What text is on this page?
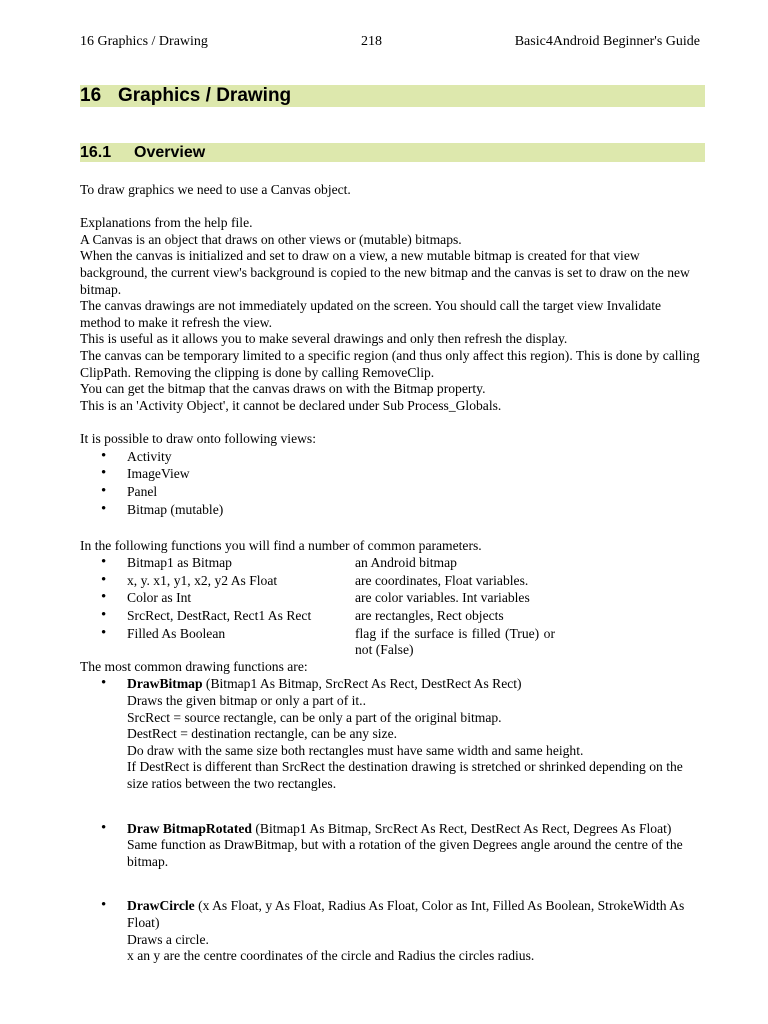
16 Graphics / Drawing	218	Basic4Android Beginner's Guide
16 Graphics / Drawing
16.1 Overview

To draw graphics we need to use a Canvas object.

Explanations from the help file.

A Canvas is an object that draws on other views or (mutable) bitmaps.

When the canvas is initialized and set to draw on a view, a new mutable bitmap is created for that view background, the current view's background is copied to the new bitmap and the canvas is set to draw on the new bitmap.

The canvas drawings are not immediately updated on the screen. You should call the target view Invalidate method to make it refresh the view.

This is useful as it allows you to make several drawings and only then refresh the display.

The canvas can be temporary limited to a specific region (and thus only affect this region). This is done by calling ClipPath. Removing the clipping is done by calling RemoveClip.

You can get the bitmap that the canvas draws on with the Bitmap property.

This is an 'Activity Object', it cannot be declared under Sub Process_Globals.

It is possible to draw onto following views:

• Activity
• ImageView
• Panel
• Bitmap (mutable)

In the following functions you will find a number of common parameters.

• Bitmap1 as Bitmap	an Android bitmap
• x, y. x1, y1, x2, y2 As Float	are coordinates, Float variables.
• Color as Int	are color variables. Int variables
• SrcRect, DestRact, Rect1 As Rect	are rectangles, Rect objects
• Filled As Boolean	flag if the surface is filled (True) or not (False)

The most common drawing functions are:

• DrawBitmap (Bitmap1 As Bitmap, SrcRect As Rect, DestRect As Rect)

Draws the given bitmap or only a part of it..

SrcRect = source rectangle, can be only a part of the original bitmap.

DestRect = destination rectangle, can be any size.

Do draw with the same size both rectangles must have same width and same height.

If DestRect is different than SrcRect the destination drawing is stretched or shrinked depending on the size ratios between the two rectangles.

• Draw BitmapRotated (Bitmap1 As Bitmap, SrcRect As Rect, DestRect As Rect, Degrees As Float)

Same function as DrawBitmap, but with a rotation of the given Degrees angle around the centre of the bitmap.

• DrawCircle (x As Float, y As Float, Radius As Float, Color as Int, Filled As Boolean, StrokeWidth As Float)

Draws a circle.

x an y are the centre coordinates of the circle and Radius the circles radius.
